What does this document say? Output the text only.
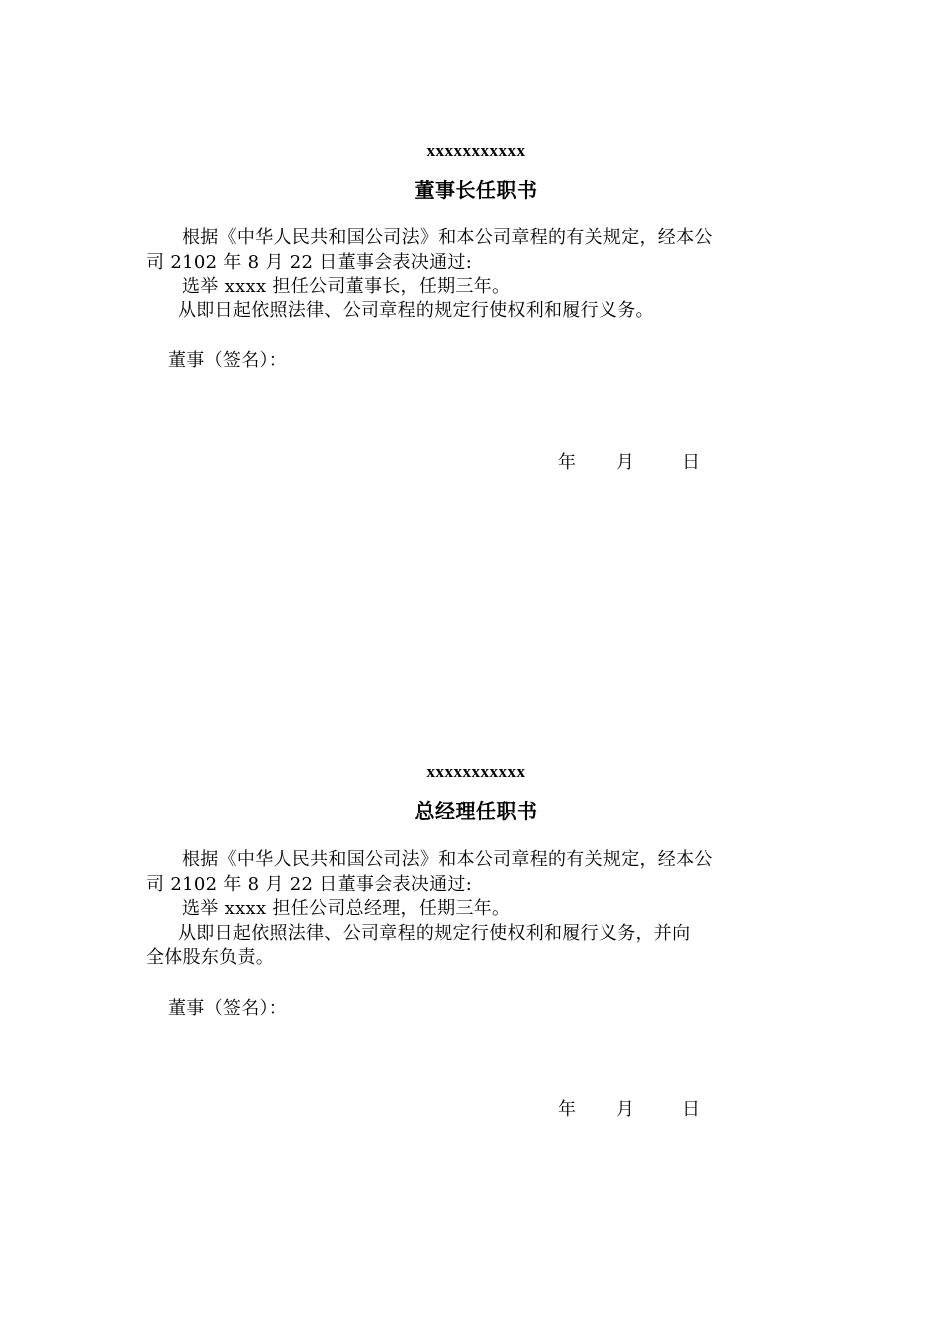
xxxxxxxxxxx
董事长任职书
根据《中华人民共和国公司法》和本公司章程的有关规定，经本公
司 2102 年 8 月 22 日董事会表决通过:
选举 xxxx 担任公司董事长，任期三年。
从即日起依照法律、公司章程的规定行使权利和履行义务。
董事（签名）：
年 月	日
xxxxxxxxxxx
总经理任职书
根据《中华人民共和国公司法》和本公司章程的有关规定，经本公
司 2102 年 8 月 22 日董事会表决通过:
选举 xxxx 担任公司总经理，任期三年。
从即日起依照法律、公司章程的规定行使权利和履行义务，并向
全体股东负责。
董事（签名）：
年 月	日
